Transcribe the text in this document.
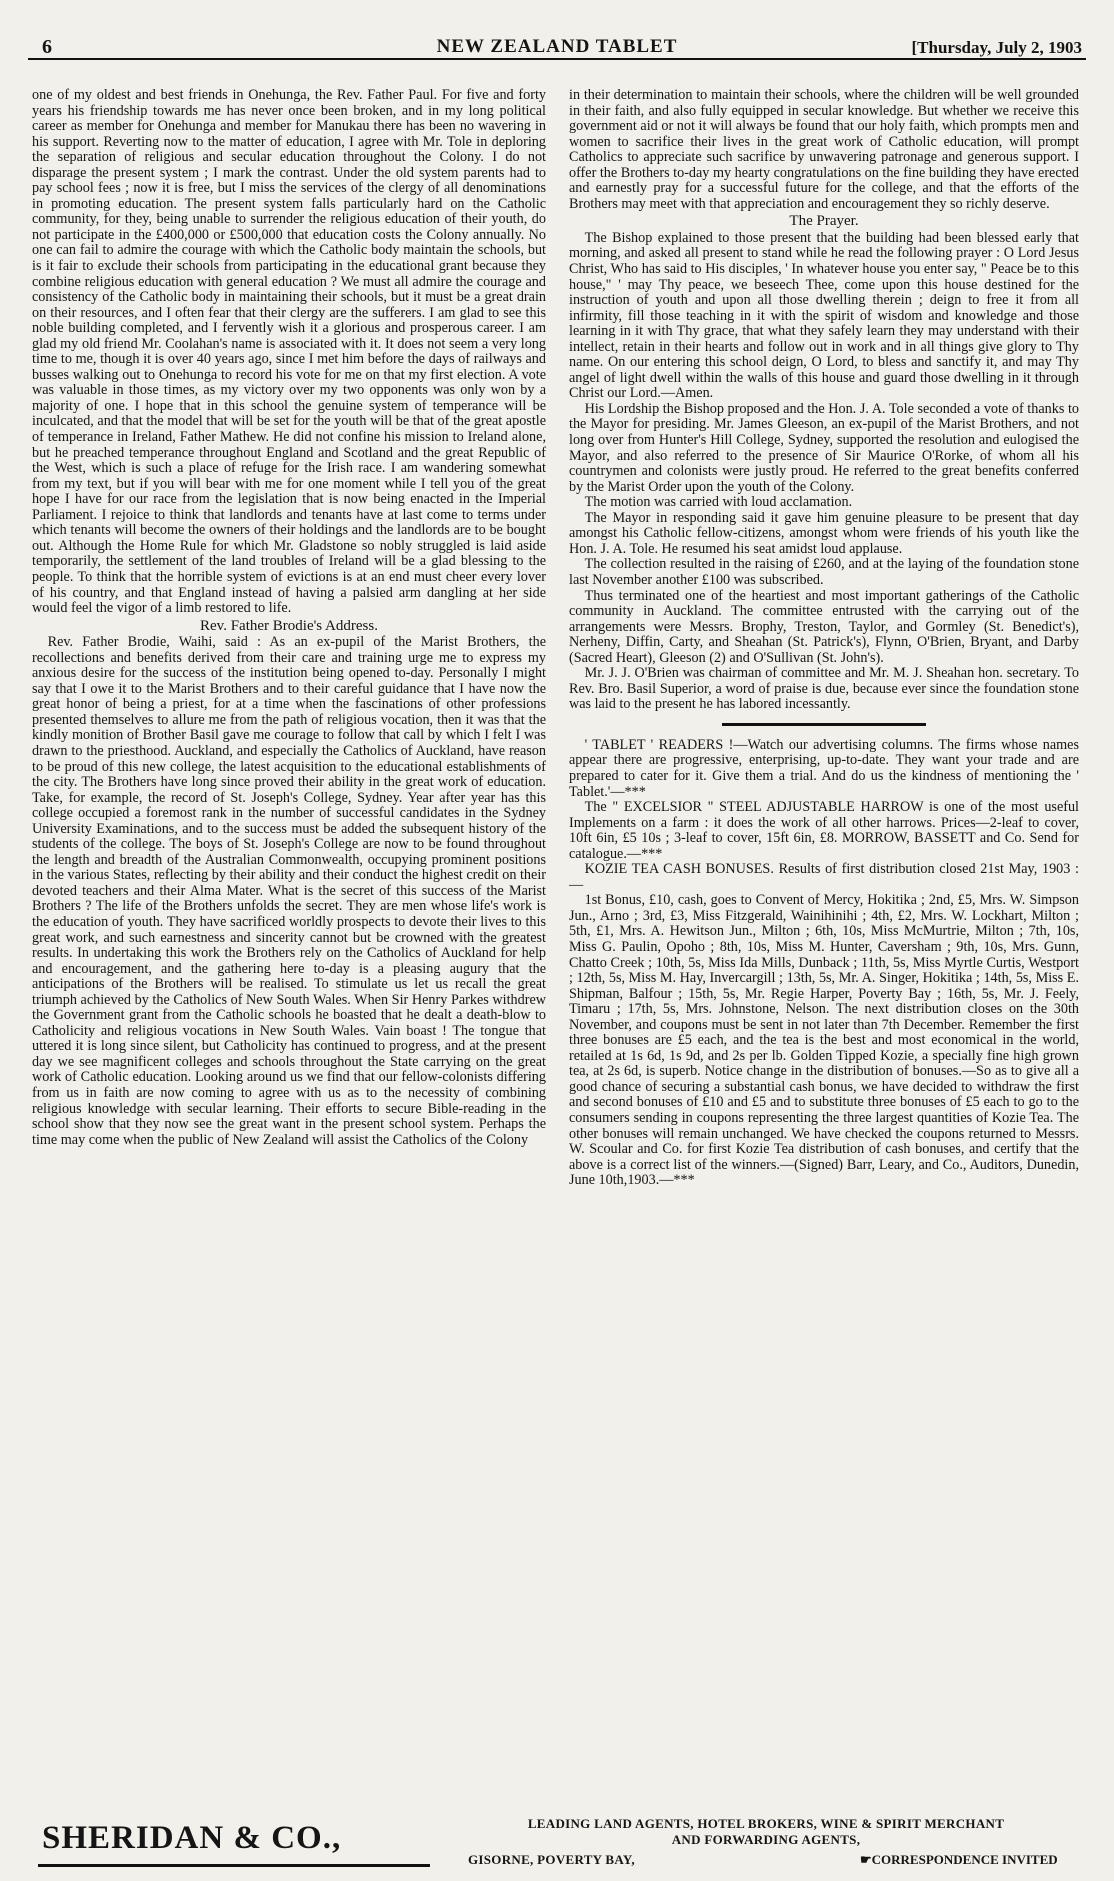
6	NEW ZEALAND TABLET	[Thursday, July 2, 1903

one of my oldest and best friends in Onehunga, the Rev. Father Paul. For five and forty years his friendship towards me has never once been broken, and in my long political career as member for Onehunga and member for Manukau there has been no wavering in his support. Reverting now to the matter of education, I agree with Mr. Tole in deploring the separation of religious and secular education throughout the Colony. I do not disparage the present system ; I mark the contrast. Under the old system parents had to pay school fees ; now it is free, but I miss the services of the clergy of all denominations in promoting education. The present system falls particularly hard on the Catholic community, for they, being unable to surrender the religious education of their youth, do not participate in the £400,000 or £500,000 that education costs the Colony annually. No one can fail to admire the courage with which the Catholic body maintain the schools, but is it fair to exclude their schools from participating in the educational grant because they combine religious education with general education ? We must all admire the courage and consistency of the Catholic body in maintaining their schools, but it must be a great drain on their resources, and I often fear that their clergy are the sufferers. I am glad to see this noble building completed, and I fervently wish it a glorious and prosperous career. I am glad my old friend Mr. Coolahan's name is associated with it. It does not seem a very long time to me, though it is over 40 years ago, since I met him before the days of railways and busses walking out to Onehunga to record his vote for me on that my first election. A vote was valuable in those times, as my victory over my two opponents was only won by a majority of one. I hope that in this school the genuine system of temperance will be inculcated, and that the model that will be set for the youth will be that of the great apostle of temperance in Ireland, Father Mathew. He did not confine his mission to Ireland alone, but he preached temperance throughout England and Scotland and the great Republic of the West, which is such a place of refuge for the Irish race. I am wandering somewhat from my text, but if you will bear with me for one moment while I tell you of the great hope I have for our race from the legislation that is now being enacted in the Imperial Parliament. I rejoice to think that landlords and tenants have at last come to terms under which tenants will become the owners of their holdings and the landlords are to be bought out. Although the Home Rule for which Mr. Gladstone so nobly struggled is laid aside temporarily, the settlement of the land troubles of Ireland will be a glad blessing to the people. To think that the horrible system of evictions is at an end must cheer every lover of his country, and that England instead of having a palsied arm dangling at her side would feel the vigor of a limb restored to life.

Rev. Father Brodie's Address.

Rev. Father Brodie, Waihi, said : As an ex-pupil of the Marist Brothers, the recollections and benefits derived from their care and training urge me to express my anxious desire for the success of the institution being opened to-day. Personally I might say that I owe it to the Marist Brothers and to their careful guidance that I have now the great honor of being a priest, for at a time when the fascinations of other professions presented themselves to allure me from the path of religious vocation, then it was that the kindly monition of Brother Basil gave me courage to follow that call by which I felt I was drawn to the priesthood. Auckland, and especially the Catholics of Auckland, have reason to be proud of this new college, the latest acquisition to the educational establishments of the city. The Brothers have long since proved their ability in the great work of education. Take, for example, the record of St. Joseph's College, Sydney. Year after year has this college occupied a foremost rank in the number of successful candidates in the Sydney University Examinations, and to the success must be added the subsequent history of the students of the college. The boys of St. Joseph's College are now to be found throughout the length and breadth of the Australian Commonwealth, occupying prominent positions in the various States, reflecting by their ability and their conduct the highest credit on their devoted teachers and their Alma Mater. What is the secret of this success of the Marist Brothers ? The life of the Brothers unfolds the secret. They are men whose life's work is the education of youth. They have sacrificed worldly prospects to devote their lives to this great work, and such earnestness and sincerity cannot but be crowned with the greatest results. In undertaking this work the Brothers rely on the Catholics of Auckland for help and encouragement, and the gathering here to-day is a pleasing augury that the anticipations of the Brothers will be realised. To stimulate us let us recall the great triumph achieved by the Catholics of New South Wales. When Sir Henry Parkes withdrew the Government grant from the Catholic schools he boasted that he dealt a death-blow to Catholicity and religious vocations in New South Wales. Vain boast ! The tongue that uttered it is long since silent, but Catholicity has continued to progress, and at the present day we see magnificent colleges and schools throughout the State carrying on the great work of Catholic education. Looking around us we find that our fellow-colonists differing from us in faith are now coming to agree with us as to the necessity of combining religious knowledge with secular learning. Their efforts to secure Bible-reading in the school show that they now see the great want in the present school system. Perhaps the time may come when the public of New Zealand will assist the Catholics of the Colony

in their determination to maintain their schools, where the children will be well grounded in their faith, and also fully equipped in secular knowledge. But whether we receive this government aid or not it will always be found that our holy faith, which prompts men and women to sacrifice their lives in the great work of Catholic education, will prompt Catholics to appreciate such sacrifice by unwavering patronage and generous support. I offer the Brothers to-day my hearty congratulations on the fine building they have erected and earnestly pray for a successful future for the college, and that the efforts of the Brothers may meet with that appreciation and encouragement they so richly deserve.

The Prayer.

The Bishop explained to those present that the building had been blessed early that morning, and asked all present to stand while he read the following prayer : O Lord Jesus Christ, Who has said to His disciples, ' In whatever house you enter say, " Peace be to this house," ' may Thy peace, we beseech Thee, come upon this house destined for the instruction of youth and upon all those dwelling therein ; deign to free it from all infirmity, fill those teaching in it with the spirit of wisdom and knowledge and those learning in it with Thy grace, that what they safely learn they may understand with their intellect, retain in their hearts and follow out in work and in all things give glory to Thy name. On our entering this school deign, O Lord, to bless and sanctify it, and may Thy angel of light dwell within the walls of this house and guard those dwelling in it through Christ our Lord.—Amen.

His Lordship the Bishop proposed and the Hon. J. A. Tole seconded a vote of thanks to the Mayor for presiding. Mr. James Gleeson, an ex-pupil of the Marist Brothers, and not long over from Hunter's Hill College, Sydney, supported the resolution and eulogised the Mayor, and also referred to the presence of Sir Maurice O'Rorke, of whom all his countrymen and colonists were justly proud. He referred to the great benefits conferred by the Marist Order upon the youth of the Colony.

The motion was carried with loud acclamation.

The Mayor in responding said it gave him genuine pleasure to be present that day amongst his Catholic fellow-citizens, amongst whom were friends of his youth like the Hon. J. A. Tole. He resumed his seat amidst loud applause.

The collection resulted in the raising of £260, and at the laying of the foundation stone last November another £100 was subscribed.

Thus terminated one of the heartiest and most important gatherings of the Catholic community in Auckland. The committee entrusted with the carrying out of the arrangements were Messrs. Brophy, Treston, Taylor, and Gormley (St. Benedict's), Nerheny, Diffin, Carty, and Sheahan (St. Patrick's), Flynn, O'Brien, Bryant, and Darby (Sacred Heart), Gleeson (2) and O'Sullivan (St. John's).

Mr. J. J. O'Brien was chairman of committee and Mr. M. J. Sheahan hon. secretary. To Rev. Bro. Basil Superior, a word of praise is due, because ever since the foundation stone was laid to the present he has labored incessantly.

' TABLET ' READERS !—Watch our advertising columns. The firms whose names appear there are progressive, enterprising, up-to-date. They want your trade and are prepared to cater for it. Give them a trial. And do us the kindness of mentioning the ' Tablet.'—***

The " EXCELSIOR " STEEL ADJUSTABLE HARROW is one of the most useful Implements on a farm : it does the work of all other harrows. Prices—2-leaf to cover, 10ft 6in, £5 10s ; 3-leaf to cover, 15ft 6in, £8. MORROW, BASSETT and Co. Send for catalogue.—***

KOZIE TEA CASH BONUSES. Results of first distribution closed 21st May, 1903 :—

1st Bonus, £10, cash, goes to Convent of Mercy, Hokitika ; 2nd, £5, Mrs. W. Simpson Jun., Arno ; 3rd, £3, Miss Fitzgerald, Wainihinihi ; 4th, £2, Mrs. W. Lockhart, Milton ; 5th, £1, Mrs. A. Hewitson Jun., Milton ; 6th, 10s, Miss McMurtrie, Milton ; 7th, 10s, Miss G. Paulin, Opoho ; 8th, 10s, Miss M. Hunter, Caversham ; 9th, 10s, Mrs. Gunn, Chatto Creek ; 10th, 5s, Miss Ida Mills, Dunback ; 11th, 5s, Miss Myrtle Curtis, Westport ; 12th, 5s, Miss M. Hay, Invercargill ; 13th, 5s, Mr. A. Singer, Hokitika ; 14th, 5s, Miss E. Shipman, Balfour ; 15th, 5s, Mr. Regie Harper, Poverty Bay ; 16th, 5s, Mr. J. Feely, Timaru ; 17th, 5s, Mrs. Johnstone, Nelson. The next distribution closes on the 30th November, and coupons must be sent in not later than 7th December. Remember the first three bonuses are £5 each, and the tea is the best and most economical in the world, retailed at 1s 6d, 1s 9d, and 2s per lb. Golden Tipped Kozie, a specially fine high grown tea, at 2s 6d, is superb. Notice change in the distribution of bonuses.—So as to give all a good chance of securing a substantial cash bonus, we have decided to withdraw the first and second bonuses of £10 and £5 and to substitute three bonuses of £5 each to go to the consumers sending in coupons representing the three largest quantities of Kozie Tea. The other bonuses will remain unchanged. We have checked the coupons returned to Messrs. W. Scoular and Co. for first Kozie Tea distribution of cash bonuses, and certify that the above is a correct list of the winners.—(Signed) Barr, Leary, and Co., Auditors, Dunedin, June 10th,1903.—***

SHERIDAN & CO.,	LEADING LAND AGENTS, HOTEL BROKERS, WINE & SPIRIT MERCHANT
AND FORWARDING AGENTS,
GISORNE, POVERTY BAY,	☛CORRESPONDENCE INVITED
